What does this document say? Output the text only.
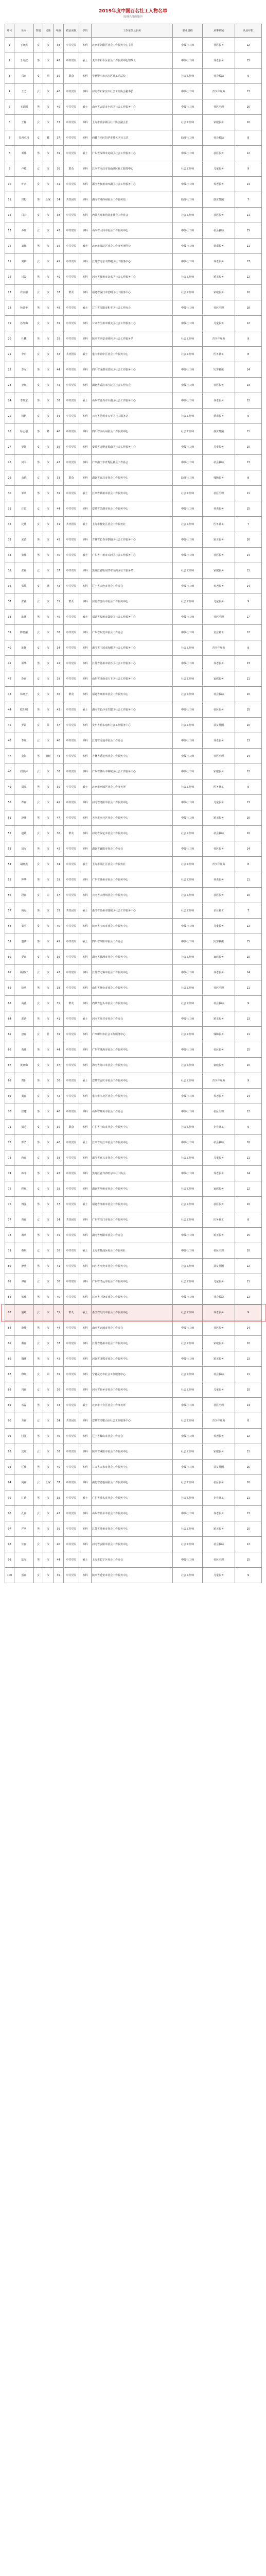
2019年度中国百名社工人物名单
（按姓氏笔画排序）
序号	姓名	性别	民族	年龄	政治面貌	学历	工作单位及职务	职业资格	从事领域	从业年限
1	丁晓燕	女	汉	38	中共党员	本科	北京市朝阳区社会工作服务中心主任	中级社工师	社区服务	12
2	于海波	男	汉	42	中共党员	硕士	天津市和平区社会工作服务中心理事长	中级社工师	养老服务	15
3	马丽	女	回	35	群众	本科	宁夏银川市兴庆区社工站站长	社会工作师	社会救助	9
4	王芳	女	汉	40	中共党员	本科	河北省石家庄市社会工作协会秘书长	中级社工师	青少年服务	13
5	王建国	男	汉	46	中共党员	硕士	山西省太原市小店区社会工作服务中心	中级社工师	社区治理	16
6	王静	女	汉	33	中共党员	本科	上海市浦东新区社工协会副会长	社会工作师	家庭服务	10
7	扎西卓玛	女	藏	37	中共党员	本科	西藏自治区拉萨市城关区社工站	助理社工师	社会救助	8
8	邓伟	男	汉	39	中共党员	硕士	广东省深圳市龙岗区社会工作服务中心	中级社工师	社区服务	12
9	卢敏	女	汉	36	群众	本科	江西省南昌市青山湖区社工服务中心	社会工作师	儿童服务	9
10	叶青	女	汉	41	中共党员	本科	浙江省杭州市西湖区社会工作服务中心	中级社工师	养老服务	14
11	田野	男	土家	34	共青团员	本科	湖南省湘西州社会工作服务站	助理社工师	扶贫帮困	7
12	白云	女	汉	38	中共党员	本科	内蒙古呼和浩特市社会工作协会	社会工作师	社区服务	11
13	乔红	女	汉	43	中共党员	本科	山西省大同市社会工作服务中心	中级社工师	社会救助	15
14	刘洋	男	汉	36	中共党员	硕士	北京市海淀区社会工作事务所所长	中级社工师	禁毒服务	11
15	刘梅	女	汉	45	中共党员	本科	江苏省南京市鼓楼区社工服务中心	中级社工师	养老服务	17
16	闫磊	男	汉	40	中共党员	本科	河南省郑州市金水区社会工作服务中心	社会工作师	矫正服务	12
17	许丽娟	女	汉	37	群众	本科	福建省厦门市思明区社工服务中心	社会工作师	家庭服务	10
18	孙建华	男	汉	48	中共党员	硕士	辽宁省沈阳市和平区社会工作协会	中级社工师	社区治理	18
19	苏红梅	女	汉	39	中共党员	本科	甘肃省兰州市城关区社会工作服务中心	中级社工师	儿童服务	12
20	杜鹏	男	汉	35	中共党员	本科	陕西省西安市碑林区社会工作服务站	社会工作师	青少年服务	9
21	李丹	女	汉	32	共青团员	硕士	重庆市渝中区社会工作服务中心	社会工作师	医务社工	8
22	李军	男	汉	44	中共党员	本科	四川省成都市武侯区社会工作服务中心	中级社工师	灾害救援	14
23	李红	女	汉	41	中共党员	本科	湖北省武汉市江汉区社会工作协会	中级社工师	社区服务	13
24	李晓东	男	汉	38	中共党员	硕士	山东省青岛市市南区社会工作服务中心	中级社工师	养老服务	12
25	杨帆	女	汉	34	中共党员	本科	云南省昆明市五华区社工服务站	社会工作师	禁毒服务	9
26	杨志强	男	彝	40	中共党员	本科	四川省凉山州社会工作服务中心	社会工作师	扶贫帮困	11
27	吴静	女	汉	36	中共党员	本科	安徽省合肥市蜀山区社会工作服务中心	中级社工师	儿童服务	10
28	何平	男	汉	42	中共党员	本科	广西南宁市青秀区社会工作协会	中级社工师	社会救助	13
29	余晓	女	汉	33	群众	本科	湖北省宜昌市社会工作服务中心	助理社工师	残障服务	8
30	邹明	男	汉	39	中共党员	硕士	江西省赣州市社会工作服务中心	社会工作师	社区治理	11
31	汪霞	女	汉	44	中共党员	本科	安徽省芜湖市社会工作服务中心	中级社工师	养老服务	15
32	沈佳	女	汉	31	共青团员	硕士	上海市静安区社会工作服务社	社会工作师	医务社工	7
33	宋涛	男	汉	45	中共党员	本科	吉林省长春市朝阳区社会工作服务中心	中级社工师	矫正服务	16
34	张伟	男	汉	40	中共党员	硕士	广东省广州市天河区社会工作服务中心	中级社工师	社区服务	14
35	张丽	女	汉	37	中共党员	本科	黑龙江省哈尔滨市南岗区社工服务站	社会工作师	家庭服务	11
36	张敏	女	满	42	中共党员	本科	辽宁省大连市社会工作协会	中级社工师	养老服务	14
37	张燕	女	汉	35	群众	本科	河北省唐山市社会工作服务中心	社会工作师	儿童服务	9
38	陈刚	男	汉	46	中共党员	硕士	福建省福州市鼓楼区社会工作服务中心	中级社工师	社区治理	17
39	陈晓丽	女	汉	38	中共党员	本科	广东省东莞市社会工作协会	中级社工师	企业社工	12
40	陈静	女	汉	34	中共党员	本科	浙江省宁波市海曙区社会工作服务中心	社会工作师	青少年服务	9
41	邵华	男	汉	41	中共党员	本科	江苏省苏州市姑苏区社会工作服务中心	中级社工师	养老服务	13
42	范丽	女	汉	39	中共党员	本科	山东省济南市历下区社会工作服务中心	社会工作师	家庭服务	11
43	林晓芳	女	汉	36	群众	本科	福建省泉州市社会工作服务中心	社会工作师	社会救助	10
44	欧阳明	男	汉	43	中共党员	硕士	湖南省长沙市岳麓区社会工作服务中心	中级社工师	社区服务	15
45	罗霞	女	苗	37	中共党员	本科	贵州省黔东南州社会工作服务中心	社会工作师	扶贫帮困	10
46	季红	女	汉	40	中共党员	本科	江苏省南通市社会工作协会	中级社工师	养老服务	13
47	金海	男	朝鲜	44	中共党员	本科	吉林省延边州社会工作服务中心	中级社工师	社区治理	14
48	周丽萍	女	汉	38	中共党员	本科	广东省佛山市禅城区社会工作服务中心	中级社工师	家庭服务	12
49	周强	男	汉	35	中共党员	硕士	北京市西城区社会工作事务所	社会工作师	医务社工	9
50	郑丽	女	汉	41	中共党员	本科	河南省洛阳市社会工作服务中心	中级社工师	儿童服务	13
51	赵刚	男	汉	47	中共党员	本科	天津市南开区社会工作服务中心	中级社工师	矫正服务	16
52	赵敏	女	汉	36	群众	本科	河北省保定市社会工作服务中心	社会工作师	社会救助	10
53	胡军	男	汉	42	中共党员	本科	湖北省襄阳市社会工作协会	中级社工师	社区服务	14
54	胡晓燕	女	汉	34	中共党员	硕士	上海市徐汇区社会工作服务社	社会工作师	青少年服务	8
55	钟华	男	汉	39	中共党员	本科	广东省惠州市社会工作服务中心	社会工作师	养老服务	11
56	段丽	女	白	37	中共党员	本科	云南省大理州社会工作服务中心	社会工作师	社区服务	10
57	姚远	男	汉	33	共青团员	硕士	浙江省温州市鹿城区社会工作服务中心	社会工作师	企业社工	7
58	秦雪	女	汉	40	中共党员	本科	陕西省宝鸡市社会工作服务中心	中级社工师	儿童服务	12
59	袁博	男	汉	45	中共党员	硕士	四川省绵阳市社会工作协会	中级社工师	灾害救援	15
60	夏丽	女	汉	36	中共党员	本科	湖南省株洲市社会工作服务中心	社会工作师	家庭服务	10
61	顾晓红	女	汉	43	中共党员	本科	江苏省无锡市社会工作服务中心	中级社工师	养老服务	14
62	徐明	男	汉	38	中共党员	本科	山东省烟台市社会工作服务中心	社会工作师	社区治理	11
63	高燕	女	汉	35	群众	本科	内蒙古包头市社会工作服务中心	社会工作师	社会救助	9
64	郭涛	男	汉	41	中共党员	硕士	河南省开封市社会工作协会	中级社工师	矫正服务	13
65	唐丽	女	壮	39	中共党员	本科	广西柳州市社会工作服务中心	社会工作师	残障服务	11
66	黄伟	男	汉	44	中共党员	本科	广东省珠海市社会工作服务中心	中级社工师	社区服务	15
67	黄晓梅	女	汉	37	中共党员	本科	海南省海口市社会工作服务中心	社会工作师	家庭服务	10
68	曹阳	男	汉	36	中共党员	硕士	安徽省安庆市社会工作服务中心	社会工作师	青少年服务	9
69	龚丽	女	汉	42	中共党员	本科	重庆市江北区社会工作服务中心	中级社工师	养老服务	14
70	崔建	男	汉	40	中共党员	本科	山东省潍坊市社会工作协会	中级社工师	社区治理	12
71	梁芳	女	汉	35	群众	本科	广东省中山市社会工作服务中心	社会工作师	企业社工	9
72	彭勇	男	汉	46	中共党员	硕士	江西省九江市社会工作服务中心	中级社工师	社会救助	16
73	蒋丽	女	汉	38	中共党员	本科	浙江省嘉兴市社会工作服务中心	社会工作师	儿童服务	11
74	韩冬	男	汉	43	中共党员	本科	黑龙江省齐齐哈尔市社工协会	中级社工师	养老服务	14
75	程红	女	汉	39	中共党员	本科	湖北省荆州市社会工作服务中心	社会工作师	家庭服务	12
76	傅强	男	汉	37	中共党员	硕士	福建省漳州市社会工作服务中心	社会工作师	社区服务	10
77	曾丽	女	汉	34	共青团员	本科	广东省江门市社会工作服务中心	社会工作师	医务社工	8
78	谢明	男	汉	45	中共党员	本科	湖南省衡阳市社会工作协会	中级社工师	矫正服务	15
79	蔡琳	女	汉	36	中共党员	硕士	上海市杨浦区社会工作服务社	中级社工师	社区治理	10
80	廖勇	男	汉	41	中共党员	本科	四川省南充市社会工作服务中心	社会工作师	扶贫帮困	12
81	谭丽	女	汉	38	中共党员	本科	广东省清远市社会工作服务中心	社会工作师	儿童服务	11
82	熊伟	男	汉	40	中共党员	本科	江西省上饶市社会工作服务中心	中级社工师	社会救助	12
83	潘敏	女	汉	35	群众	硕士	浙江省绍兴市社会工作服务中心	社会工作师	养老服务	9
84	薛峰	男	汉	44	中共党员	本科	山西省运城市社会工作协会	中级社工师	社区服务	14
85	戴丽	女	汉	37	中共党员	本科	江苏省扬州市社会工作服务中心	社会工作师	家庭服务	10
86	魏刚	男	汉	42	中共党员	本科	河北省邯郸市社会工作服务中心	中级社工师	矫正服务	13
87	穆红	女	回	39	中共党员	本科	宁夏吴忠市社会工作服务中心	社会工作师	社会救助	11
88	冯丽	女	汉	36	中共党员	本科	河南省新乡市社会工作服务中心	社会工作师	儿童服务	10
89	石磊	男	汉	43	中共党员	硕士	北京市丰台区社会工作事务所	中级社工师	社区治理	14
90	方丽	女	汉	34	共青团员	本科	安徽省马鞍山市社会工作服务中心	社会工作师	青少年服务	8
91	付强	男	汉	40	中共党员	本科	辽宁省鞍山市社会工作协会	中级社工师	养老服务	12
92	史红	女	汉	38	中共党员	本科	陕西省咸阳市社会工作服务中心	社会工作师	家庭服务	11
93	任伟	男	汉	45	中共党员	本科	甘肃省天水市社会工作服务中心	中级社工师	扶贫帮困	15
94	向丽	女	土家	37	中共党员	本科	湖北省恩施州社会工作服务中心	社会工作师	社区服务	10
95	江涛	男	汉	39	中共党员	硕士	广东省汕头市社会工作服务中心	社会工作师	企业社工	11
96	孔丽	女	汉	42	中共党员	本科	山东省曲阜市社会工作服务中心	中级社工师	养老服务	13
97	严明	男	汉	36	中共党员	本科	江苏省常州市社会工作服务中心	社会工作师	矫正服务	10
98	牛丽	女	汉	40	中共党员	本科	河南省安阳市社会工作服务中心	社会工作师	社会救助	12
99	陆军	男	汉	44	中共党员	硕士	上海市长宁区社会工作协会	中级社工师	社区治理	15
100	雷丽	女	汉	35	中共党员	本科	陕西省延安市社会工作服务中心	社会工作师	儿童服务	9
